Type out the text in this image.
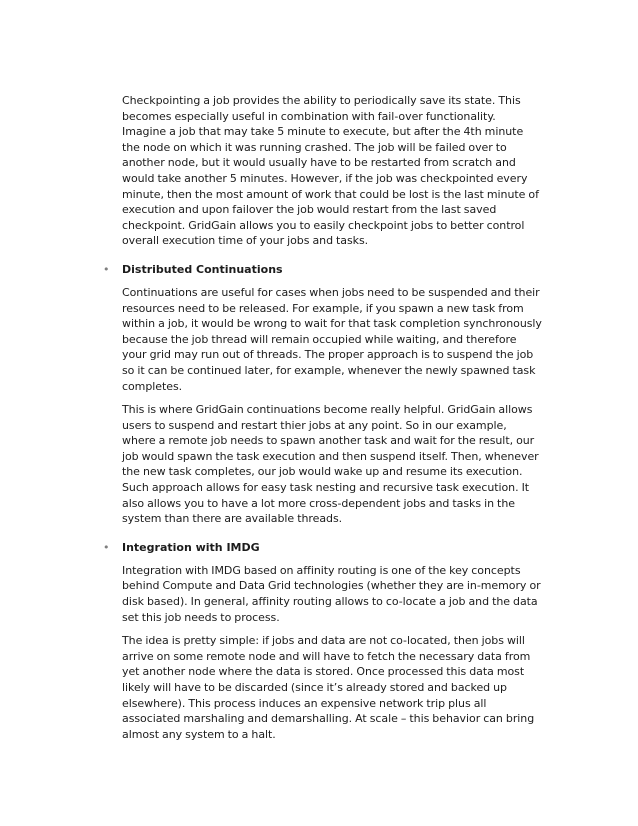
Checkpointing a job provides the ability to periodically save its state. This becomes especially useful in combination with fail-over functionality. Imagine a job that may take 5 minute to execute, but after the 4th minute the node on which it was running crashed. The job will be failed over to another node, but it would usually have to be restarted from scratch and would take another 5 minutes. However, if the job was checkpointed every minute, then the most amount of work that could be lost is the last minute of execution and upon failover the job would restart from the last saved checkpoint. GridGain allows you to easily checkpoint jobs to better control overall execution time of your jobs and tasks.

• Distributed Continuations

Continuations are useful for cases when jobs need to be suspended and their resources need to be released. For example, if you spawn a new task from within a job, it would be wrong to wait for that task completion synchronously because the job thread will remain occupied while waiting, and therefore your grid may run out of threads. The proper approach is to suspend the job so it can be continued later, for example, whenever the newly spawned task completes.

This is where GridGain continuations become really helpful. GridGain allows users to suspend and restart thier jobs at any point. So in our example, where a remote job needs to spawn another task and wait for the result, our job would spawn the task execution and then suspend itself. Then, whenever the new task completes, our job would wake up and resume its execution. Such approach allows for easy task nesting and recursive task execution. It also allows you to have a lot more cross-dependent jobs and tasks in the system than there are available threads.

• Integration with IMDG

Integration with IMDG based on affinity routing is one of the key concepts behind Compute and Data Grid technologies (whether they are in-memory or disk based). In general, affinity routing allows to co-locate a job and the data set this job needs to process.

The idea is pretty simple: if jobs and data are not co-located, then jobs will arrive on some remote node and will have to fetch the necessary data from yet another node where the data is stored. Once processed this data most likely will have to be discarded (since it’s already stored and backed up elsewhere). This process induces an expensive network trip plus all associated marshaling and demarshalling. At scale – this behavior can bring almost any system to a halt.
